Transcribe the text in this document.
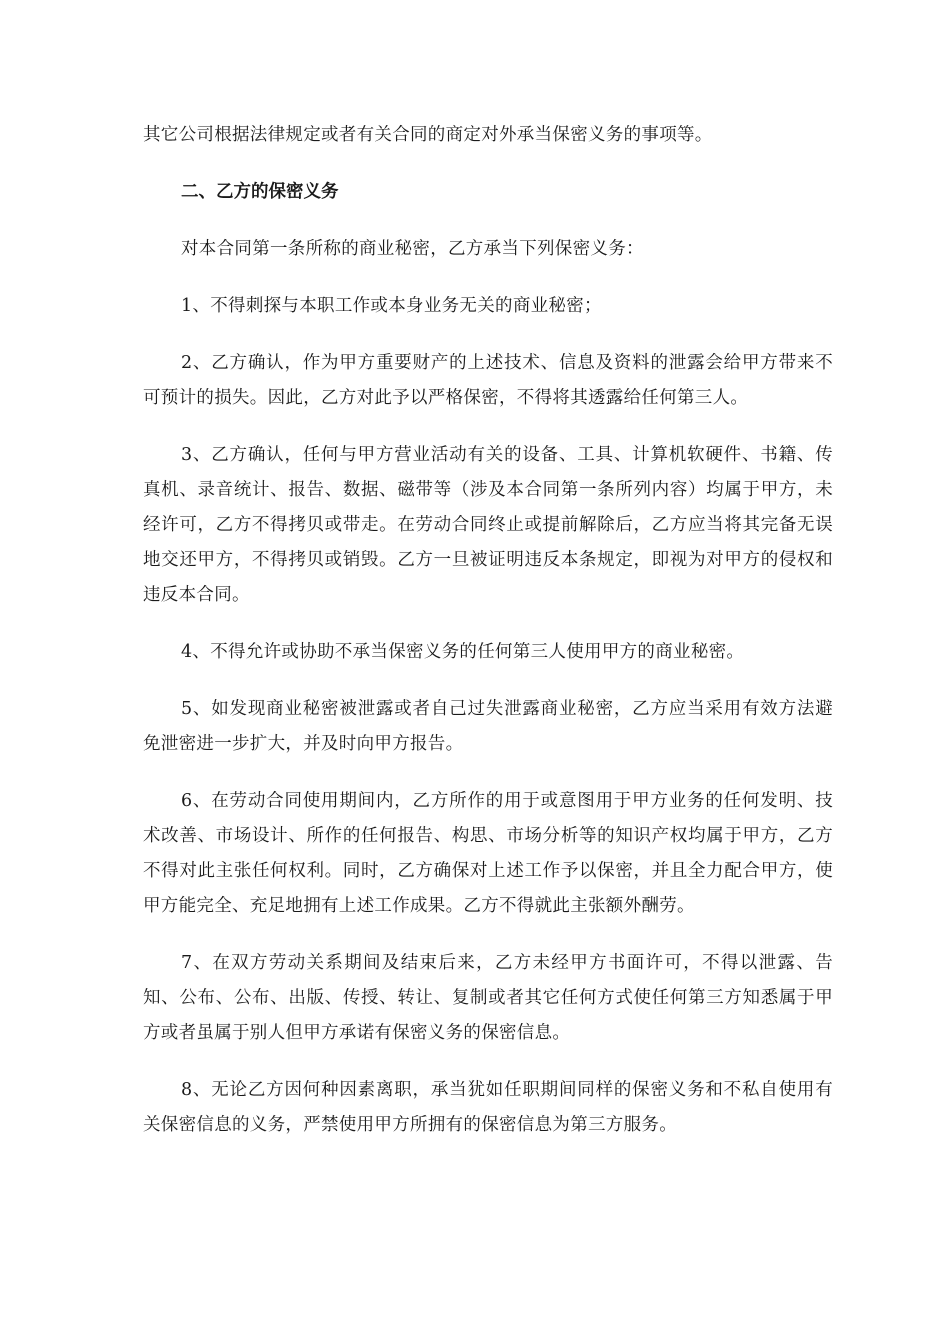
其它公司根据法律规定或者有关合同的商定对外承当保密义务的事项等。

二、乙方的保密义务

对本合同第一条所称的商业秘密，乙方承当下列保密义务：

1、不得刺探与本职工作或本身业务无关的商业秘密；

2、乙方确认，作为甲方重要财产的上述技术、信息及资料的泄露会给甲方带来不可预计的损失。因此，乙方对此予以严格保密，不得将其透露给任何第三人。

3、乙方确认，任何与甲方营业活动有关的设备、工具、计算机软硬件、书籍、传真机、录音统计、报告、数据、磁带等（涉及本合同第一条所列内容）均属于甲方，未经许可，乙方不得拷贝或带走。在劳动合同终止或提前解除后，乙方应当将其完备无误地交还甲方，不得拷贝或销毁。乙方一旦被证明违反本条规定，即视为对甲方的侵权和违反本合同。

4、不得允许或协助不承当保密义务的任何第三人使用甲方的商业秘密。

5、如发现商业秘密被泄露或者自己过失泄露商业秘密，乙方应当采用有效方法避免泄密进一步扩大，并及时向甲方报告。

6、在劳动合同使用期间内，乙方所作的用于或意图用于甲方业务的任何发明、技术改善、市场设计、所作的任何报告、构思、市场分析等的知识产权均属于甲方，乙方不得对此主张任何权利。同时，乙方确保对上述工作予以保密，并且全力配合甲方，使甲方能完全、充足地拥有上述工作成果。乙方不得就此主张额外酬劳。

7、在双方劳动关系期间及结束后来，乙方未经甲方书面许可，不得以泄露、告知、公布、公布、出版、传授、转让、复制或者其它任何方式使任何第三方知悉属于甲方或者虽属于别人但甲方承诺有保密义务的保密信息。

8、无论乙方因何种因素离职，承当犹如任职期间同样的保密义务和不私自使用有关保密信息的义务，严禁使用甲方所拥有的保密信息为第三方服务。
